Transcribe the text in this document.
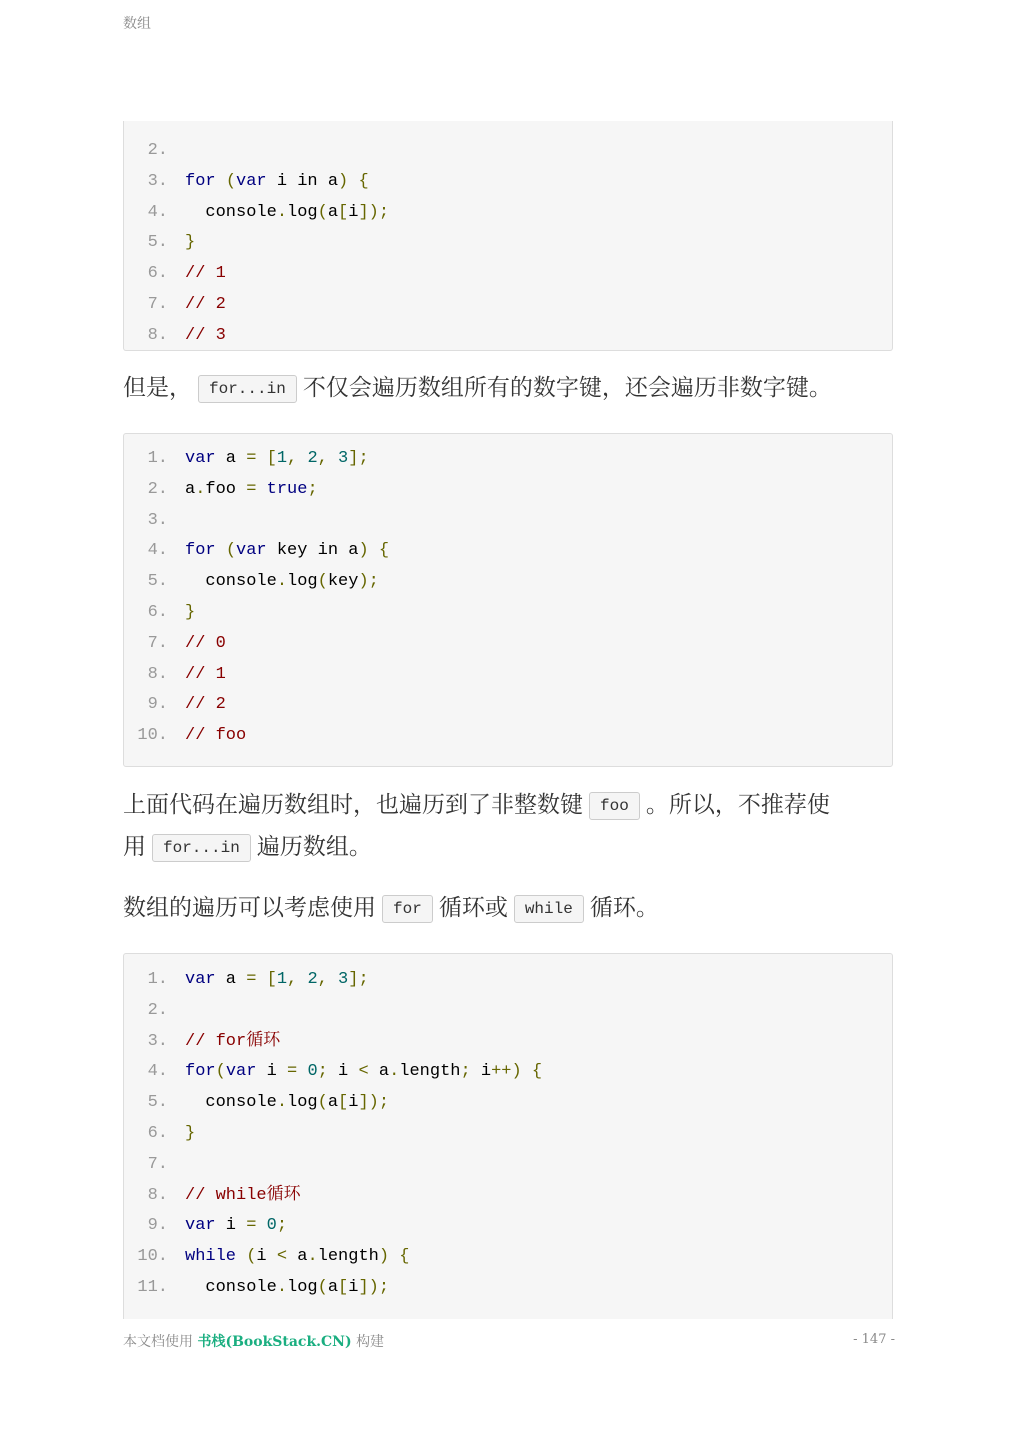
数组
2.
3. for (var i in a) {
4. console.log(a[i]);
5. }
6. // 1
7. // 2
8. // 3
但是， for...in 不仅会遍历数组所有的数字键，还会遍历非数字键。
1. var a = [1, 2, 3];
2. a.foo = true;
3.
4. for (var key in a) {
5. console.log(key);
6. }
7. // 0
8. // 1
9. // 2
10. // foo
上面代码在遍历数组时，也遍历到了非整数键 foo 。所以，不推荐使
用 for...in 遍历数组。
数组的遍历可以考虑使用 for 循环或 while 循环。
1. var a = [1, 2, 3];
2.
3. // for循环
4. for(var i = 0; i < a.length; i++) {
5. console.log(a[i]);
6. }
7.
8. // while循环
9. var i = 0;
10. while (i < a.length) {
11. console.log(a[i]);
本文档使用 书栈(BookStack.CN) 构建	- 147 -
